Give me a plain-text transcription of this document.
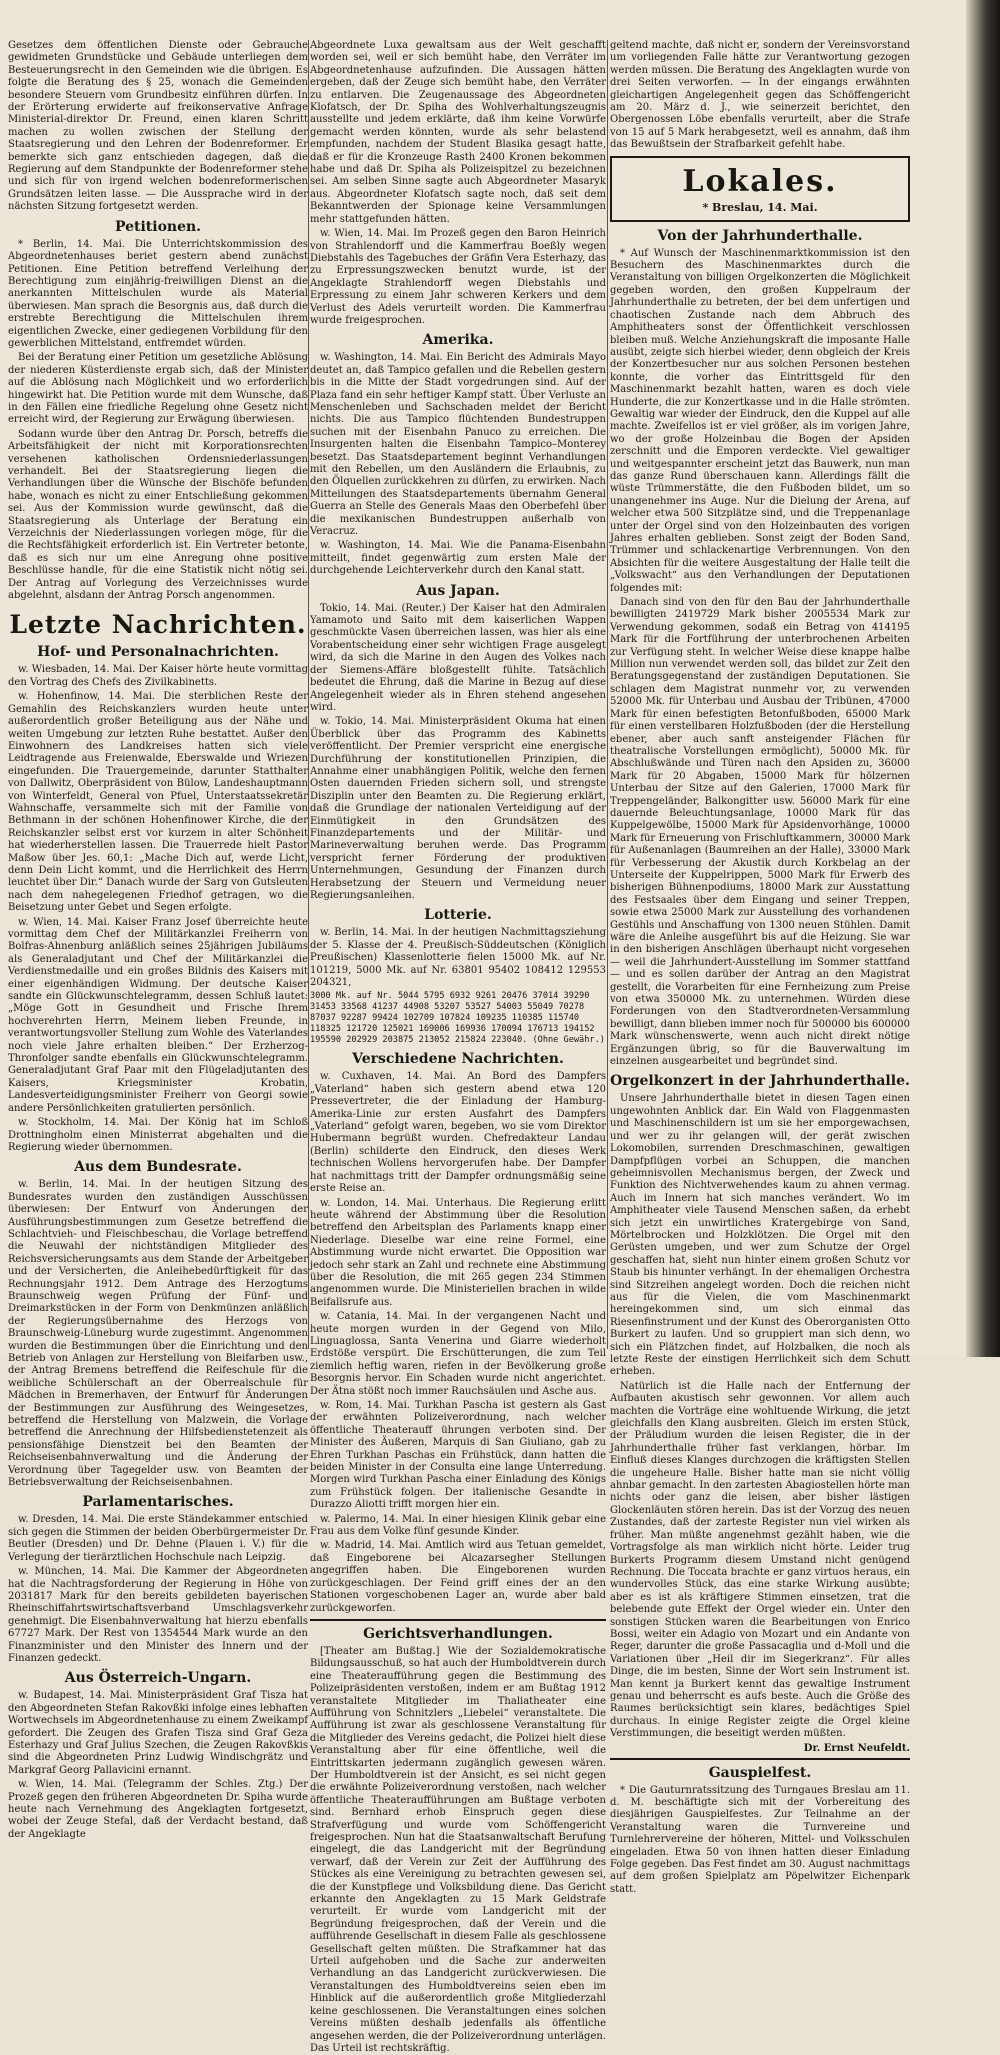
Gesetzes dem öffentlichen Dienste oder Gebrauche gewidmeten Grundstücke und Gebäude unterliegen dem Besteuerungsrecht in den Gemeinden wie die übrigen. Es folgte die Beratung des § 25, wonach die Gemeinden besondere Steuern vom Grundbesitz einführen dürfen. In der Erörterung erwiderte auf freikonservative Anfrage Ministerial-direktor Dr. Freund, einen klaren Schritt machen zu wollen zwischen der Stellung der Staatsregierung und den Lehren der Bodenreformer. Er bemerkte sich ganz entschieden dagegen, daß die Regierung auf dem Standpunkte der Bodenreformer stehe und sich für von irgend welchen bodenreformerischen Grundsätzen leiten lasse. — Die Aussprache wird in der nächsten Sitzung fortgesetzt werden.

Petitionen.

* Berlin, 14. Mai. Die Unterrichtskommission des Abgeordnetenhauses beriet gestern abend zunächst Petitionen. Eine Petition betreffend Verleihung der Berechtigung zum einjährig-freiwilligen Dienst an die anerkannten Mittelschulen wurde als Material überwiesen. Man sprach die Besorgnis aus, daß durch die erstrebte Berechtigung die Mittelschulen ihrem eigentlichen Zwecke, einer gediegenen Vorbildung für den gewerblichen Mittelstand, entfremdet würden.

Bei der Beratung einer Petition um gesetzliche Ablösung der niederen Küsterdienste ergab sich, daß der Minister auf die Ablösung nach Möglichkeit und wo erforderlich hingewirkt hat. Die Petition wurde mit dem Wunsche, daß in den Fällen eine friedliche Regelung ohne Gesetz nicht erreicht wird, der Regierung zur Erwägung überwiesen.

Sodann wurde über den Antrag Dr. Porsch, betreffs die Arbeitsfähigkeit der nicht mit Korporationsrechten versehenen katholischen Ordensniederlassungen verhandelt. Bei der Staatsregierung liegen die Verhandlungen über die Wünsche der Bischöfe befunden habe, wonach es nicht zu einer Entschließung gekommen sei. Aus der Kommission wurde gewünscht, daß die Staatsregierung als Unterlage der Beratung ein Verzeichnis der Niederlassungen vorlegen möge, für die die Rechtsfähigkeit erforderlich ist. Ein Vertreter betonte, daß es sich nur um eine Anregung ohne positive Beschlüsse handle, für die eine Statistik nicht nötig sei. Der Antrag auf Vorlegung des Verzeichnisses wurde abgelehnt, alsdann der Antrag Porsch angenommen.

Letzte Nachrichten.
Hof- und Personalnachrichten.

w. Wiesbaden, 14. Mai. Der Kaiser hörte heute vormittag den Vortrag des Chefs des Zivilkabinetts.

w. Hohenfinow, 14. Mai. Die sterblichen Reste der Gemahlin des Reichskanzlers wurden heute unter außerordentlich großer Beteiligung aus der Nähe und weiten Umgebung zur letzten Ruhe bestattet. Außer den Einwohnern des Landkreises hatten sich viele Leidtragende aus Freienwalde, Eberswalde und Wriezen eingefunden. Die Trauergemeinde, darunter Statthalter von Dallwitz, Oberpräsident von Bülow, Landeshauptmann von Winterfeldt, General von Pfuel, Unterstaatssekretär Wahnschaffe, versammelte sich mit der Familie von Bethmann in der schönen Hohenfinower Kirche, die der Reichskanzler selbst erst vor kurzem in alter Schönheit hat wiederherstellen lassen. Die Trauerrede hielt Pastor Maßow über Jes. 60,1: „Mache Dich auf, werde Licht, denn Dein Licht kommt, und die Herrlichkeit des Herrn leuchtet über Dir.“ Danach wurde der Sarg von Gutsleuten nach dem nahegelegenen Friedhof getragen, wo die Beisetzung unter Gebet und Segen erfolgte.

w. Wien, 14. Mai. Kaiser Franz Josef überreichte heute vormittag dem Chef der Militärkanzlei Freiherrn von Bolfras-Ahnenburg anläßlich seines 25jährigen Jubiläums als Generaladjutant und Chef der Militärkanzlei die Verdienstmedaille und ein großes Bildnis des Kaisers mit einer eigenhändigen Widmung. Der deutsche Kaiser sandte ein Glückwunschtelegramm, dessen Schluß lautet: „Möge Gott in Gesundheit und Frische Ihrem hochverehrten Herrn, Meinem lieben Freunde, in verantwortungsvoller Stellung zum Wohle des Vaterlandes noch viele Jahre erhalten bleiben.“ Der Erzherzog-Thronfolger sandte ebenfalls ein Glückwunschtelegramm. Generaladjutant Graf Paar mit den Flügeladjutanten des Kaisers, Kriegsminister Krobatin, Landesverteidigungsminister Freiherr von Georgi sowie andere Persönlichkeiten gratulierten persönlich.

w. Stockholm, 14. Mai. Der König hat im Schloß Drottningholm einen Ministerrat abgehalten und die Regierung wieder übernommen.

Aus dem Bundesrate.

w. Berlin, 14. Mai. In der heutigen Sitzung des Bundesrates wurden den zuständigen Ausschüssen überwiesen: Der Entwurf von Änderungen der Ausführungsbestimmungen zum Gesetze betreffend die Schlachtvieh- und Fleischbeschau, die Vorlage betreffend die Neuwahl der nichtständigen Mitglieder des Reichsversicherungsamts aus dem Stande der Arbeitgeber und der Versicherten, die Anleihebedürftigkeit für das Rechnungsjahr 1912. Dem Antrage des Herzogtums Braunschweig wegen Prüfung der Fünf- und Dreimarkstücken in der Form von Denkmünzen anläßlich der Regierungsübernahme des Herzogs von Braunschweig-Lüneburg wurde zugestimmt. Angenommen wurden die Bestimmungen über die Einrichtung und den Betrieb von Anlagen zur Herstellung von Bleifarben usw., der Antrag Bremens betreffend die Reifeschule für die weibliche Schülerschaft an der Oberrealschule für Mädchen in Bremerhaven, der Entwurf für Änderungen der Bestimmungen zur Ausführung des Weingesetzes, betreffend die Herstellung von Malzwein, die Vorlage betreffend die Anrechnung der Hilfsbedienstetenzeit als pensionsfähige Dienstzeit bei den Beamten der Reichseisenbahnverwaltung und die Änderung der Verordnung über Tagegelder usw. von Beamten der Betriebsverwaltung der Reichseisenbahnen.

Parlamentarisches.

w. Dresden, 14. Mai. Die erste Ständekammer entschied sich gegen die Stimmen der beiden Oberbürgermeister Dr. Beutler (Dresden) und Dr. Dehne (Plauen i. V.) für die Verlegung der tierärztlichen Hochschule nach Leipzig.

w. München, 14. Mai. Die Kammer der Abgeordneten hat die Nachtragsforderung der Regierung in Höhe von 2031817 Mark für den bereits gebildeten bayerischen Rheinschiffahrtswirtschaftsverband Umschlagsverkehr genehmigt. Die Eisenbahnverwaltung hat hierzu ebenfalls 67727 Mark. Der Rest von 1354544 Mark wurde an den Finanzminister und den Minister des Innern und der Finanzen gedeckt.

Aus Österreich-Ungarn.

w. Budapest, 14. Mai. Ministerpräsident Graf Tisza hat den Abgeordneten Stefan Rakovßki infolge eines lebhaften Wortwechsels im Abgeordnetenhause zu einem Zweikampf gefordert. Die Zeugen des Grafen Tisza sind Graf Geza Esterhazy und Graf Julius Szechen, die Zeugen Rakovßkis sind die Abgeordneten Prinz Ludwig Windischgrätz und Markgraf Georg Pallavicini ernannt.

w. Wien, 14. Mai. (Telegramm der Schles. Ztg.) Der Prozeß gegen den früheren Abgeordneten Dr. Spiha wurde heute nach Vernehmung des Angeklagten fortgesetzt, wobei der Zeuge Stefal, daß der Verdacht bestand, daß der Angeklagte

Abgeordnete Luxa gewaltsam aus der Welt geschafft worden sei, weil er sich bemüht habe, den Verräter im Abgeordnetenhause aufzufinden. Die Aussagen hätten ergeben, daß der Zeuge sich bemüht habe, den Verräter zu entlarven. Die Zeugenaussage des Abgeordneten Klofatsch, der Dr. Spiha des Wohlverhaltungszeugnis ausstellte und jedem erklärte, daß ihm keine Vorwürfe gemacht werden könnten, wurde als sehr belastend empfunden, nachdem der Student Blasika gesagt hatte, daß er für die Kronzeuge Rasth 2400 Kronen bekommen habe und daß Dr. Spiha als Polizeispitzel zu bezeichnen sei. Am selben Sinne sagte auch Abgeordneter Masaryk aus. Abgeordneter Klofatsch sagte noch, daß seit dem Bekanntwerden der Spionage keine Versammlungen mehr stattgefunden hätten.

w. Wien, 14. Mai. Im Prozeß gegen den Baron Heinrich von Strahlendorff und die Kammerfrau Boeßly wegen Diebstahls des Tagebuches der Gräfin Vera Esterhazy, das zu Erpressungszwecken benutzt wurde, ist der Angeklagte Strahlendorff wegen Diebstahls und Erpressung zu einem Jahr schweren Kerkers und dem Verlust des Adels verurteilt worden. Die Kammerfrau wurde freigesprochen.

Amerika.

w. Washington, 14. Mai. Ein Bericht des Admirals Mayo deutet an, daß Tampico gefallen und die Rebellen gestern bis in die Mitte der Stadt vorgedrungen sind. Auf der Plaza fand ein sehr heftiger Kampf statt. Über Verluste an Menschenleben und Sachschaden meldet der Bericht nichts. Die aus Tampico flüchtenden Bundestruppen suchen mit der Eisenbahn Panuco zu erreichen. Die Insurgenten halten die Eisenbahn Tampico–Monterey besetzt. Das Staatsdepartement beginnt Verhandlungen mit den Rebellen, um den Ausländern die Erlaubnis, zu den Ölquellen zurückkehren zu dürfen, zu erwirken. Nach Mitteilungen des Staatsdepartements übernahm General Guerra an Stelle des Generals Maas den Oberbefehl über die mexikanischen Bundestruppen außerhalb von Veracruz.

w. Washington, 14. Mai. Wie die Panama-Eisenbahn mitteilt, findet gegenwärtig zum ersten Male der durchgehende Leichterverkehr durch den Kanal statt.

Aus Japan.

Tokio, 14. Mai. (Reuter.) Der Kaiser hat den Admiralen Yamamoto und Saito mit dem kaiserlichen Wappen geschmückte Vasen überreichen lassen, was hier als eine Vorabentscheidung einer sehr wichtigen Frage ausgelegt wird, da sich die Marine in den Augen des Volkes nach der Siemens-Affäre bloßgestellt fühlte. Tatsächlich bedeutet die Ehrung, daß die Marine in Bezug auf diese Angelegenheit wieder als in Ehren stehend angesehen wird.

w. Tokio, 14. Mai. Ministerpräsident Okuma hat einen Überblick über das Programm des Kabinetts veröffentlicht. Der Premier verspricht eine energische Durchführung der konstitutionellen Prinzipien, die Annahme einer unabhängigen Politik, welche den fernen Osten dauernden Frieden sichern soll, und strengste Disziplin unter den Beamten zu. Die Regierung erklärt, daß die Grundlage der nationalen Verteidigung auf der Einmütigkeit in den Grundsätzen des Finanzdepartements und der Militär- und Marineverwaltung beruhen werde. Das Programm verspricht ferner Förderung der produktiven Unternehmungen, Gesundung der Finanzen durch Herabsetzung der Steuern und Vermeidung neuer Regierungsanleihen.

Lotterie.

w. Berlin, 14. Mai. In der heutigen Nachmittagsziehung der 5. Klasse der 4. Preußisch-Süddeutschen (Königlich Preußischen) Klassenlotterie fielen 15000 Mk. auf Nr. 101219, 5000 Mk. auf Nr. 63801 95402 108412 129553 204321,

3000 Mk. auf Nr. 5044 5795 6932 9261 20476 37014 39290 31453 33568 41237 44908 53207 53527 54003 55049 70278 87037 92287 99424 102709 107824 109235 110385 115740 118325 121720 125021 169006 169936 170094 176713 194152 195590 202929 203875 213052 215824 223040. (Ohne Gewähr.)

Verschiedene Nachrichten.

w. Cuxhaven, 14. Mai. An Bord des Dampfers „Vaterland“ haben sich gestern abend etwa 120 Pressevertreter, die der Einladung der Hamburg-Amerika-Linie zur ersten Ausfahrt des Dampfers „Vaterland“ gefolgt waren, begeben, wo sie vom Direktor Hubermann begrüßt wurden. Chefredakteur Landau (Berlin) schilderte den Eindruck, den dieses Werk technischen Wollens hervorgerufen habe. Der Dampfer hat nachmittags tritt der Dampfer ordnungsmäßig seine erste Reise an.

w. London, 14. Mai. Unterhaus. Die Regierung erlitt heute während der Abstimmung über die Resolution betreffend den Arbeitsplan des Parlaments knapp einer Niederlage. Dieselbe war eine reine Formel, eine Abstimmung wurde nicht erwartet. Die Opposition war jedoch sehr stark an Zahl und rechnete eine Abstimmung über die Resolution, die mit 265 gegen 234 Stimmen angenommen wurde. Die Ministeriellen brachen in wilde Beifallsrufe aus.

w. Catania, 14. Mai. In der vergangenen Nacht und heute morgen wurden in der Gegend von Milo, Linguaglossa, Santa Venerina und Giarre wiederholt Erdstöße verspürt. Die Erschütterungen, die zum Teil ziemlich heftig waren, riefen in der Bevölkerung große Besorgnis hervor. Ein Schaden wurde nicht angerichtet. Der Ätna stößt noch immer Rauchsäulen und Asche aus.

w. Rom, 14. Mai. Turkhan Pascha ist gestern als Gast der erwähnten Polizeiverordnung, nach welcher öffentliche Theaterauff ührungen verboten sind. Der Minister des Äußeren, Marquis di San Giuliano, gab zu Ehren Turkhan Paschas ein Frühstück, dann hatten die beiden Minister in der Consulta eine lange Unterredung. Morgen wird Turkhan Pascha einer Einladung des Königs zum Frühstück folgen. Der italienische Gesandte in Durazzo Aliotti trifft morgen hier ein.

w. Palermo, 14. Mai. In einer hiesigen Klinik gebar eine Frau aus dem Volke fünf gesunde Kinder.

w. Madrid, 14. Mai. Amtlich wird aus Tetuan gemeldet, daß Eingeborene bei Alcazarsegher Stellungen angegriffen haben. Die Eingeborenen wurden zurückgeschlagen. Der Feind griff eines der an den Stationen vorgeschobenen Lager an, wurde aber bald zurückgeworfen.

Gerichtsverhandlungen.

[Theater am Bußtag.] Wie der Sozialdemokratische Bildungsausschuß, so hat auch der Humboldtverein durch eine Theateraufführung gegen die Bestimmung des Polizeipräsidenten verstoßen, indem er am Bußtag 1912 veranstaltete Mitglieder im Thaliatheater eine Aufführung von Schnitzlers „Liebelei“ veranstaltete. Die Aufführung ist zwar als geschlossene Veranstaltung für die Mitglieder des Vereins gedacht, die Polizei hielt diese Veranstaltung aber für eine öffentliche, weil die Eintrittskarten jedermann zugänglich gewesen wären. Der Humboldtverein ist der Ansicht, es sei nicht gegen die erwähnte Polizeiverordnung verstoßen, nach welcher öffentliche Theateraufführungen am Bußtage verboten sind. Bernhard erhob Einspruch gegen diese Strafverfügung und wurde vom Schöffengericht freigesprochen. Nun hat die Staatsanwaltschaft Berufung eingelegt, die das Landgericht mit der Begründung verwarf, daß der Verein zur Zeit der Aufführung des Stückes als eine Vereinigung zu betrachten gewesen sei, die der Kunstpflege und Volksbildung diene. Das Gericht erkannte den Angeklagten zu 15 Mark Geldstrafe verurteilt. Er wurde vom Landgericht mit der Begründung freigesprochen, daß der Verein und die aufführende Gesellschaft in diesem Falle als geschlossene Gesellschaft gelten müßten. Die Strafkammer hat das Urteil aufgehoben und die Sache zur anderweiten Verhandlung an das Landgericht zurückverwiesen. Die Veranstaltungen des Humboldtvereins seien eben im Hinblick auf die außerordentlich große Mitgliederzahl keine geschlossenen. Die Veranstaltungen eines solchen Vereins müßten deshalb jedenfalls als öffentliche angesehen werden, die der Polizeiverordnung unterlägen. Das Urteil ist rechtskräftig.

geltend machte, daß nicht er, sondern der Vereinsvorstand um vorliegenden Falle hätte zur Verantwortung gezogen werden müssen. Die Beratung des Angeklagten wurde von drei Seiten verworfen. — In der eingangs erwähnten gleichartigen Angelegenheit gegen das Schöffengericht am 20. März d. J., wie seinerzeit berichtet, den Obergenossen Löbe ebenfalls verurteilt, aber die Strafe von 15 auf 5 Mark herabgesetzt, weil es annahm, daß ihm das Bewußtsein der Strafbarkeit gefehlt habe.

Lokales.
* Breslau, 14. Mai.
Von der Jahrhunderthalle.

* Auf Wunsch der Maschinenmarktkommission ist den Besuchern des Maschinenmarktes durch die Veranstaltung von billigen Orgelkonzerten die Möglichkeit gegeben worden, den großen Kuppelraum der Jahrhunderthalle zu betreten, der bei dem unfertigen und chaotischen Zustande nach dem Abbruch des Amphitheaters sonst der Öffentlichkeit verschlossen bleiben muß. Welche Anziehungskraft die imposante Halle ausübt, zeigte sich hierbei wieder, denn obgleich der Kreis der Konzertbesucher nur aus solchen Personen bestehen konnte, die vorher das Eintrittsgeld für den Maschinenmarkt bezahlt hatten, waren es doch viele Hunderte, die zur Konzertkasse und in die Halle strömten. Gewaltig war wieder der Eindruck, den die Kuppel auf alle machte. Zweifellos ist er viel größer, als im vorigen Jahre, wo der große Holzeinbau die Bogen der Apsiden zerschnitt und die Emporen verdeckte. Viel gewaltiger und weitgespannter erscheint jetzt das Bauwerk, nun man das ganze Rund überschauen kann. Allerdings fällt die wüste Trümmerstätte, die den Fußboden bildet, um so unangenehmer ins Auge. Nur die Dielung der Arena, auf welcher etwa 500 Sitzplätze sind, und die Treppenanlage unter der Orgel sind von den Holzeinbauten des vorigen Jahres erhalten geblieben. Sonst zeigt der Boden Sand, Trümmer und schlackenartige Verbrennungen. Von den Absichten für die weitere Ausgestaltung der Halle teilt die „Volkswacht“ aus den Verhandlungen der Deputationen folgendes mit:

Danach sind von den für den Bau der Jahrhunderthalle bewilligten 2419729 Mark bisher 2005534 Mark zur Verwendung gekommen, sodaß ein Betrag von 414195 Mark für die Fortführung der unterbrochenen Arbeiten zur Verfügung steht. In welcher Weise diese knappe halbe Million nun verwendet werden soll, das bildet zur Zeit den Beratungsgegenstand der zuständigen Deputationen. Sie schlagen dem Magistrat nunmehr vor, zu verwenden 52000 Mk. für Unterbau und Ausbau der Tribünen, 47000 Mark für einen befestigten Betonfußboden, 65000 Mark für einen verstellbaren Holzfußboden (der die Herstellung ebener, aber auch sanft ansteigender Flächen für theatralische Vorstellungen ermöglicht), 50000 Mk. für Abschlußwände und Türen nach den Apsiden zu, 36000 Mark für 20 Abgaben, 15000 Mark für hölzernen Unterbau der Sitze auf den Galerien, 17000 Mark für Treppengeländer, Balkongitter usw. 56000 Mark für eine dauernde Beleuchtungsanlage, 10000 Mark für das Kuppelgewölbe, 15000 Mark für Apsidenvorhänge, 10000 Mark für Erneuerung von Frischluftkammern, 30000 Mark für Außenanlagen (Baumreihen an der Halle), 33000 Mark für Verbesserung der Akustik durch Korkbelag an der Unterseite der Kuppelrippen, 5000 Mark für Erwerb des bisherigen Bühnenpodiums, 18000 Mark zur Ausstattung des Festsaales über dem Eingang und seiner Treppen, sowie etwa 25000 Mark zur Ausstellung des vorhandenen Gestühls und Anschaffung von 1300 neuen Stühlen. Damit wäre die Anleihe ausgeführt bis auf die Heizung. Sie war in den bisherigen Anschlägen überhaupt nicht vorgesehen — weil die Jahrhundert-Ausstellung im Sommer stattfand — und es sollen darüber der Antrag an den Magistrat gestellt, die Vorarbeiten für eine Fernheizung zum Preise von etwa 350000 Mk. zu unternehmen. Würden diese Forderungen von den Stadtverordneten-Versammlung bewilligt, dann blieben immer noch für 500000 bis 600000 Mark wünschenswerte, wenn auch nicht direkt nötige Ergänzungen übrig, so für die Bauverwaltung im einzelnen ausgearbeitet und begründet sind.

Orgelkonzert in der Jahrhunderthalle.

Unsere Jahrhunderthalle bietet in diesen Tagen einen ungewohnten Anblick dar. Ein Wald von Flaggenmasten und Maschinenschildern ist um sie her emporgewachsen, und wer zu ihr gelangen will, der gerät zwischen Lokomobilen, surrenden Dreschmaschinen, gewaltigen Dampfpflügen vorbei an Schuppen, die manchen geheimnisvollen Mechanismus bergen, der Zweck und Funktion des Nichtverwehendes kaum zu ahnen vermag. Auch im Innern hat sich manches verändert. Wo im Amphitheater viele Tausend Menschen saßen, da erhebt sich jetzt ein unwirtliches Kratergebirge von Sand, Mörtelbrocken und Holzklötzen. Die Orgel mit den Gerüsten umgeben, und wer zum Schutze der Orgel geschaffen hat, sieht nun hinter einem großen Schutz vor Staub bis hinunter verhängt. In der ehemaligen Orchestra sind Sitzreihen angelegt worden. Doch die reichen nicht aus für die Vielen, die vom Maschinenmarkt hereingekommen sind, um sich einmal das Riesenfinstrument und der Kunst des Oberorganisten Otto Burkert zu laufen. Und so gruppiert man sich denn, wo sich ein Plätzchen findet, auf Holzbalken, die noch als letzte Reste der einstigen Herrlichkeit sich dem Schutt erheben.

Natürlich ist die Halle nach der Entfernung der Aufbauten akustisch sehr gewonnen. Vor allem auch machten die Vorträge eine wohltuende Wirkung, die jetzt gleichfalls den Klang ausbreiten. Gleich im ersten Stück, der Präludium wurden die leisen Register, die in der Jahrhunderthalle früher fast verklangen, hörbar. Im Einfluß dieses Klanges durchzogen die kräftigsten Stellen die ungeheure Halle. Bisher hatte man sie nicht völlig ahnbar gemacht. In den zartesten Abagiostellen hörte man nichts oder ganz die leisen, aber bisher lästigen Glockenläuten stören herein. Das ist der Vorzug des neuen Zustandes, daß der zarteste Register nun viel wirken als früher. Man müßte angenehmst gezählt haben, wie die Vortragsfolge als man wirklich nicht hörte. Leider trug Burkerts Programm diesem Umstand nicht genügend Rechnung. Die Toccata brachte er ganz virtuos heraus, ein wundervolles Stück, das eine starke Wirkung ausübte; aber es ist als kräftigere Stimmen einsetzen, trat die belebende gute Effekt der Orgel wieder ein. Unter den sonstigen Stücken waren die Bearbeitungen von Enrico Bossi, weiter ein Adagio von Mozart und ein Andante von Reger, darunter die große Passacaglia und d-Moll und die Variationen über „Heil dir im Siegerkranz“. Für alles Dinge, die im besten, Sinne der Wort sein Instrument ist. Man kennt ja Burkert kennt das gewaltige Instrument genau und beherrscht es aufs beste. Auch die Größe des Raumes berücksichtigt sein klares, bedächtiges Spiel durchaus. In einige Register zeigte die Orgel kleine Verstimmungen, die beseitigt werden müßten.

Dr. Ernst Neufeldt.
Gauspielfest.

* Die Gauturnratssitzung des Turngaues Breslau am 11. d. M. beschäftigte sich mit der Vorbereitung des diesjährigen Gauspielfestes. Zur Teilnahme an der Veranstaltung waren die Turnvereine und Turnlehrervereine der höheren, Mittel- und Volksschulen eingeladen. Etwa 50 von ihnen hatten dieser Einladung Folge gegeben. Das Fest findet am 30. August nachmittags auf dem großen Spielplatz am Pöpelwitzer Eichenpark statt.
